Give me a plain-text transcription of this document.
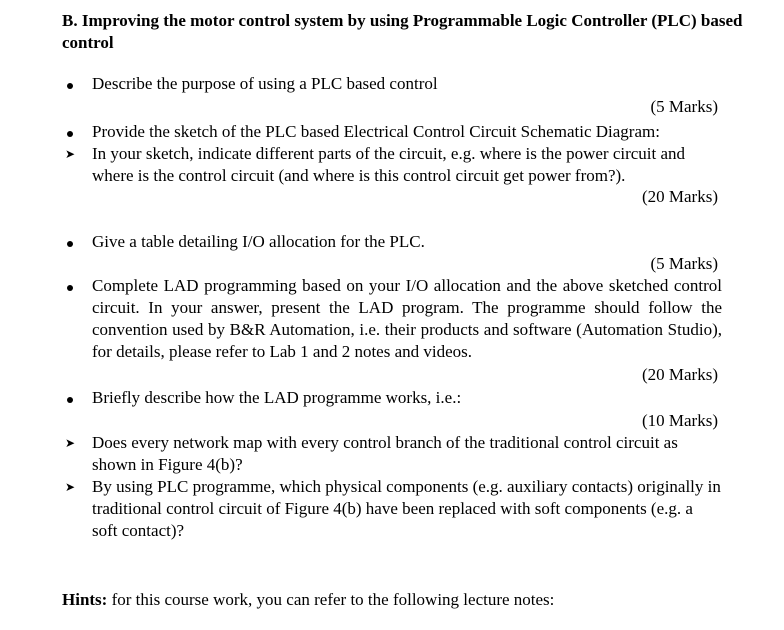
B. Improving the motor control system by using Programmable Logic Controller (PLC) based control
Describe the purpose of using a PLC based control
(5 Marks)
Provide the sketch of the PLC based Electrical Control Circuit Schematic Diagram:
➤ In your sketch, indicate different parts of the circuit, e.g. where is the power circuit and where is the control circuit (and where is this control circuit get power from?).
(20 Marks)
Give a table detailing I/O allocation for the PLC.
(5 Marks)
Complete LAD programming based on your I/O allocation and the above sketched control circuit. In your answer, present the LAD program. The programme should follow the convention used by B&R Automation, i.e. their products and software (Automation Studio), for details, please refer to Lab 1 and 2 notes and videos.
(20 Marks)
Briefly describe how the LAD programme works, i.e.:
(10 Marks)
➤ Does every network map with every control branch of the traditional control circuit as shown in Figure 4(b)?
➤ By using PLC programme, which physical components (e.g. auxiliary contacts) originally in traditional control circuit of Figure 4(b) have been replaced with soft components (e.g. a soft contact)?
Hints: for this course work, you can refer to the following lecture notes:
